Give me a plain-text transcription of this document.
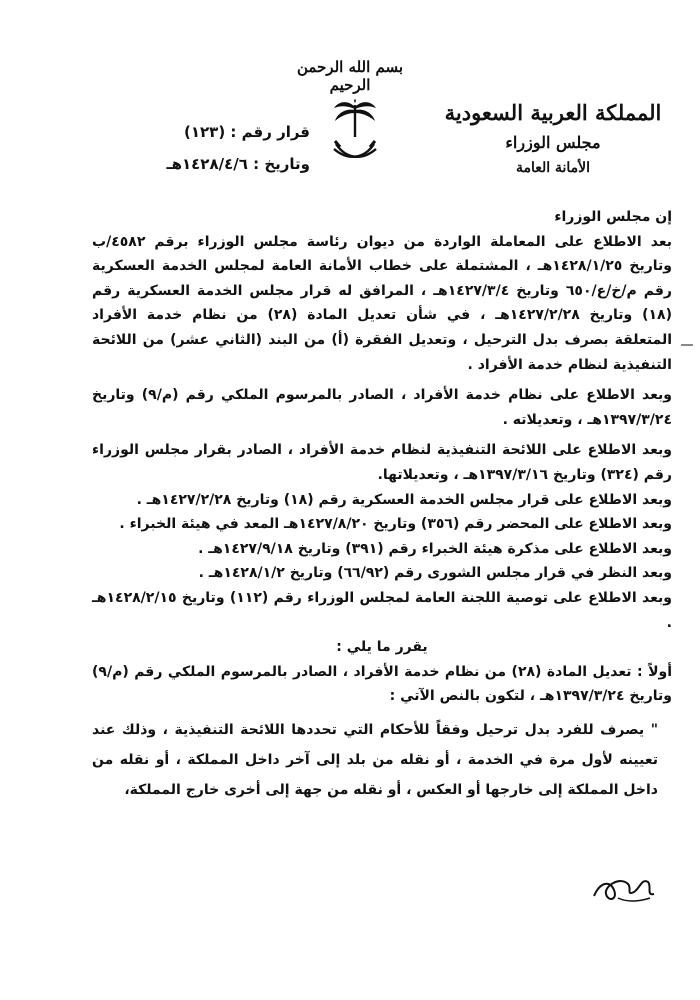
بسم الله الرحمن الرحيم
المملكة العربية السعودية
مجلس الوزراء
الأمانة العامة
قرار رقم : (١٢٣)
وتاريخ : ١٤٢٨/٤/٦هـ

إن مجلس الوزراء

بعد الاطلاع على المعاملة الواردة من ديوان رئاسة مجلس الوزراء برقم ٤٥٨٢/ب وتاريخ ١٤٢٨/١/٢٥هـ ، المشتملة على خطاب الأمانة العامة لمجلس الخدمة العسكرية رقم م/خ/ع/٦٥٠ وتاريخ ١٤٢٧/٣/٤هـ ، المرافق له قرار مجلس الخدمة العسكرية رقم (١٨) وتاريخ ١٤٢٧/٢/٢٨هـ ، في شأن تعديل المادة (٢٨) من نظام خدمة الأفراد المتعلقة بصرف بدل الترحيل ، وتعديل الفقرة (أ) من البند (الثاني عشر) من اللائحة التنفيذية لنظام خدمة الأفراد .

وبعد الاطلاع على نظام خدمة الأفراد ، الصادر بالمرسوم الملكي رقم (م/٩) وتاريخ ١٣٩٧/٣/٢٤هـ ، وتعديلاته .

وبعد الاطلاع على اللائحة التنفيذية لنظام خدمة الأفراد ، الصادر بقرار مجلس الوزراء رقم (٣٢٤) وتاريخ ١٣٩٧/٣/١٦هـ ، وتعديلاتها.

وبعد الاطلاع على قرار مجلس الخدمة العسكرية رقم (١٨) وتاريخ ١٤٢٧/٢/٢٨هـ .

وبعد الاطلاع على المحضر رقم (٣٥٦) وتاريخ ١٤٢٧/٨/٢٠هـ المعد في هيئة الخبراء .

وبعد الاطلاع على مذكرة هيئة الخبراء رقم (٣٩١) وتاريخ ١٤٢٧/٩/١٨هـ .

وبعد النظر في قرار مجلس الشورى رقم (٦٦/٩٢) وتاريخ ١٤٢٨/١/٢هـ .

وبعد الاطلاع على توصية اللجنة العامة لمجلس الوزراء رقم (١١٢) وتاريخ ١٤٢٨/٢/١٥هـ .

يقرر ما يلي :

أولاً : تعديل المادة (٢٨) من نظام خدمة الأفراد ، الصادر بالمرسوم الملكي رقم (م/٩) وتاريخ ١٣٩٧/٣/٢٤هـ ، لتكون بالنص الآتي :

" يصرف للفرد بدل ترحيل وفقاً للأحكام التي تحددها اللائحة التنفيذية ، وذلك عند تعيينه لأول مرة في الخدمة ، أو نقله من بلد إلى آخر داخل المملكة ، أو نقله من داخل المملكة إلى خارجها أو العكس ، أو نقله من جهة إلى أخرى خارج المملكة،
